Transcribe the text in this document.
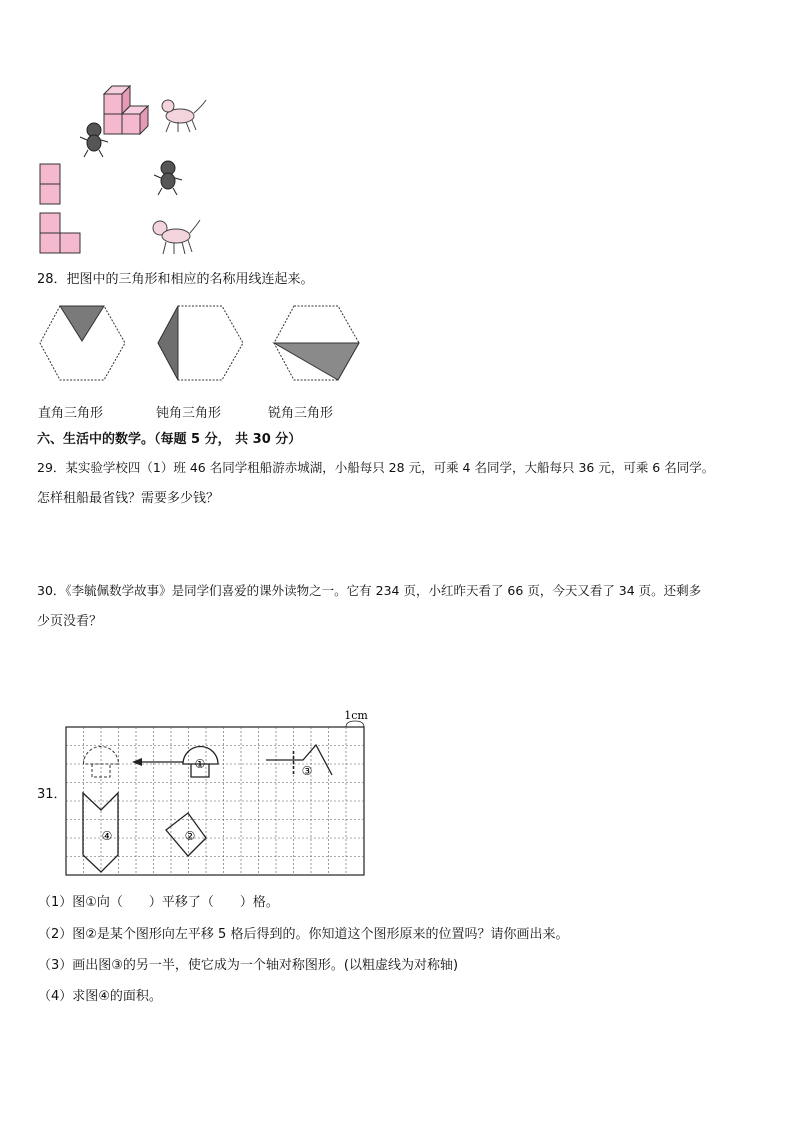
28．把图中的三角形和相应的名称用线连起来。
直角三角形	钝角三角形	锐角三角形
六、生活中的数学。（每题 5 分， 共 30 分）
29．某实验学校四（1）班 46 名同学租船游赤城湖，小船每只 28 元，可乘 4 名同学，大船每只 36 元，可乘 6 名同学。
怎样租船最省钱？需要多少钱？
30．《李毓佩数学故事》是同学们喜爱的课外读物之一。它有 234 页，小红昨天看了 66 页，今天又看了 34 页。还剩多
少页没看？
31．
①
②
③
④
1cm
（1）图①向（　　）平移了（　　）格。
（2）图②是某个图形向左平移 5 格后得到的。你知道这个图形原来的位置吗？请你画出来。
（3）画出图③的另一半，使它成为一个轴对称图形。(以粗虚线为对称轴)
（4）求图④的面积。
